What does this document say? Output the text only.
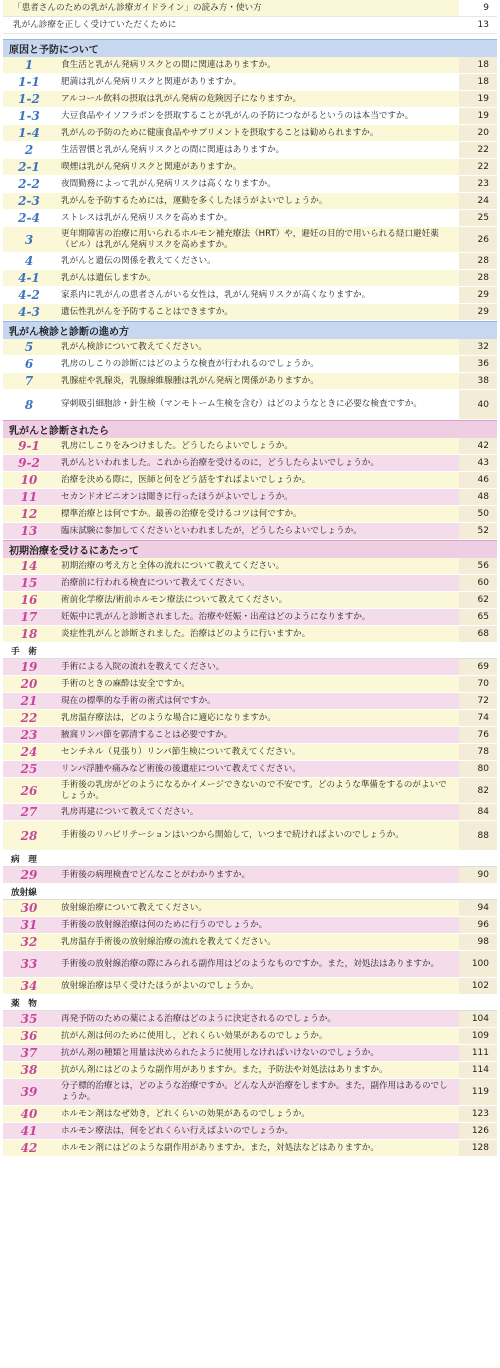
「患者さんのための乳がん診療ガイドライン」の読み方・使い方	9
乳がん診療を正しく受けていただくために	13
原因と予防について
1	食生活と乳がん発病リスクとの間に関連はありますか。	18
1-1	肥満は乳がん発病リスクと関連がありますか。	18
1-2	アルコール飲料の摂取は乳がん発病の危険因子になりますか。	19
1-3	大豆食品やイソフラボンを摂取することが乳がんの予防につながるというのは本当ですか。	19
1-4	乳がんの予防のために健康食品やサプリメントを摂取することは勧められますか。	20
2	生活習慣と乳がん発病リスクとの間に関連はありますか。	22
2-1	喫煙は乳がん発病リスクと関連がありますか。	22
2-2	夜間勤務によって乳がん発病リスクは高くなりますか。	23
2-3	乳がんを予防するためには，運動を多くしたほうがよいでしょうか。	24
2-4	ストレスは乳がん発病リスクを高めますか。	25
3	更年期障害の治療に用いられるホルモン補充療法（HRT）や，避妊の目的で用いられる経口避妊薬（ピル）は乳がん発病リスクを高めますか。	26
4	乳がんと遺伝の関係を教えてください。	28
4-1	乳がんは遺伝しますか。	28
4-2	家系内に乳がんの患者さんがいる女性は，乳がん発病リスクが高くなりますか。	29
4-3	遺伝性乳がんを予防することはできますか。	29
乳がん検診と診断の進め方
5	乳がん検診について教えてください。	32
6	乳房のしこりの診断にはどのような検査が行われるのでしょうか。	36
7	乳腺症や乳腺炎，乳腺線維腺腫は乳がん発病と関係がありますか。	38
8	穿刺吸引細胞診・針生検（マンモトーム生検を含む）はどのようなときに必要な検査ですか。	40
乳がんと診断されたら
9-1	乳房にしこりをみつけました。どうしたらよいでしょうか。	42
9-2	乳がんといわれました。これから治療を受けるのに，どうしたらよいでしょうか。	43
10	治療を決める際に，医師と何をどう話をすればよいでしょうか。	46
11	セカンドオピニオンは聞きに行ったほうがよいでしょうか。	48
12	標準治療とは何ですか。最善の治療を受けるコツは何ですか。	50
13	臨床試験に参加してくださいといわれましたが，どうしたらよいでしょうか。	52
初期治療を受けるにあたって
14	初期治療の考え方と全体の流れについて教えてください。	56
15	治療前に行われる検査について教えてください。	60
16	術前化学療法/術前ホルモン療法について教えてください。	62
17	妊娠中に乳がんと診断されました。治療や妊娠・出産はどのようになりますか。	65
18	炎症性乳がんと診断されました。治療はどのように行いますか。	68
手　術
19	手術による入院の流れを教えてください。	69
20	手術のときの麻酔は安全ですか。	70
21	現在の標準的な手術の術式は何ですか。	72
22	乳房温存療法は，どのような場合に適応になりますか。	74
23	腋窩リンパ節を郭清することは必要ですか。	76
24	センチネル（見張り）リンパ節生検について教えてください。	78
25	リンパ浮腫や痛みなど術後の後遺症について教えてください。	80
26	手術後の乳房がどのようになるかイメージできないので不安です。どのような準備をするのがよいでしょうか。	82
27	乳房再建について教えてください。	84
28	手術後のリハビリテーションはいつから開始して，いつまで続ければよいのでしょうか。	88
病　理
29	手術後の病理検査でどんなことがわかりますか。	90
放射線
30	放射線治療について教えてください。	94
31	手術後の放射線治療は何のために行うのでしょうか。	96
32	乳房温存手術後の放射線治療の流れを教えてください。	98
33	手術後の放射線治療の際にみられる副作用はどのようなものですか。また，対処法はありますか。	100
34	放射線治療は早く受けたほうがよいのでしょうか。	102
薬　物
35	再発予防のための薬による治療はどのように決定されるのでしょうか。	104
36	抗がん剤は何のために使用し，どれくらい効果があるのでしょうか。	109
37	抗がん剤の種類と用量は決められたように使用しなければいけないのでしょうか。	111
38	抗がん剤にはどのような副作用がありますか。また，予防法や対処法はありますか。	114
39	分子標的治療とは，どのような治療ですか。どんな人が治療をしますか。また，副作用はあるのでしょうか。	119
40	ホルモン剤はなぜ効き，どれくらいの効果があるのでしょうか。	123
41	ホルモン療法は，何をどれくらい行えばよいのでしょうか。	126
42	ホルモン剤にはどのような副作用がありますか。また，対処法などはありますか。	128
